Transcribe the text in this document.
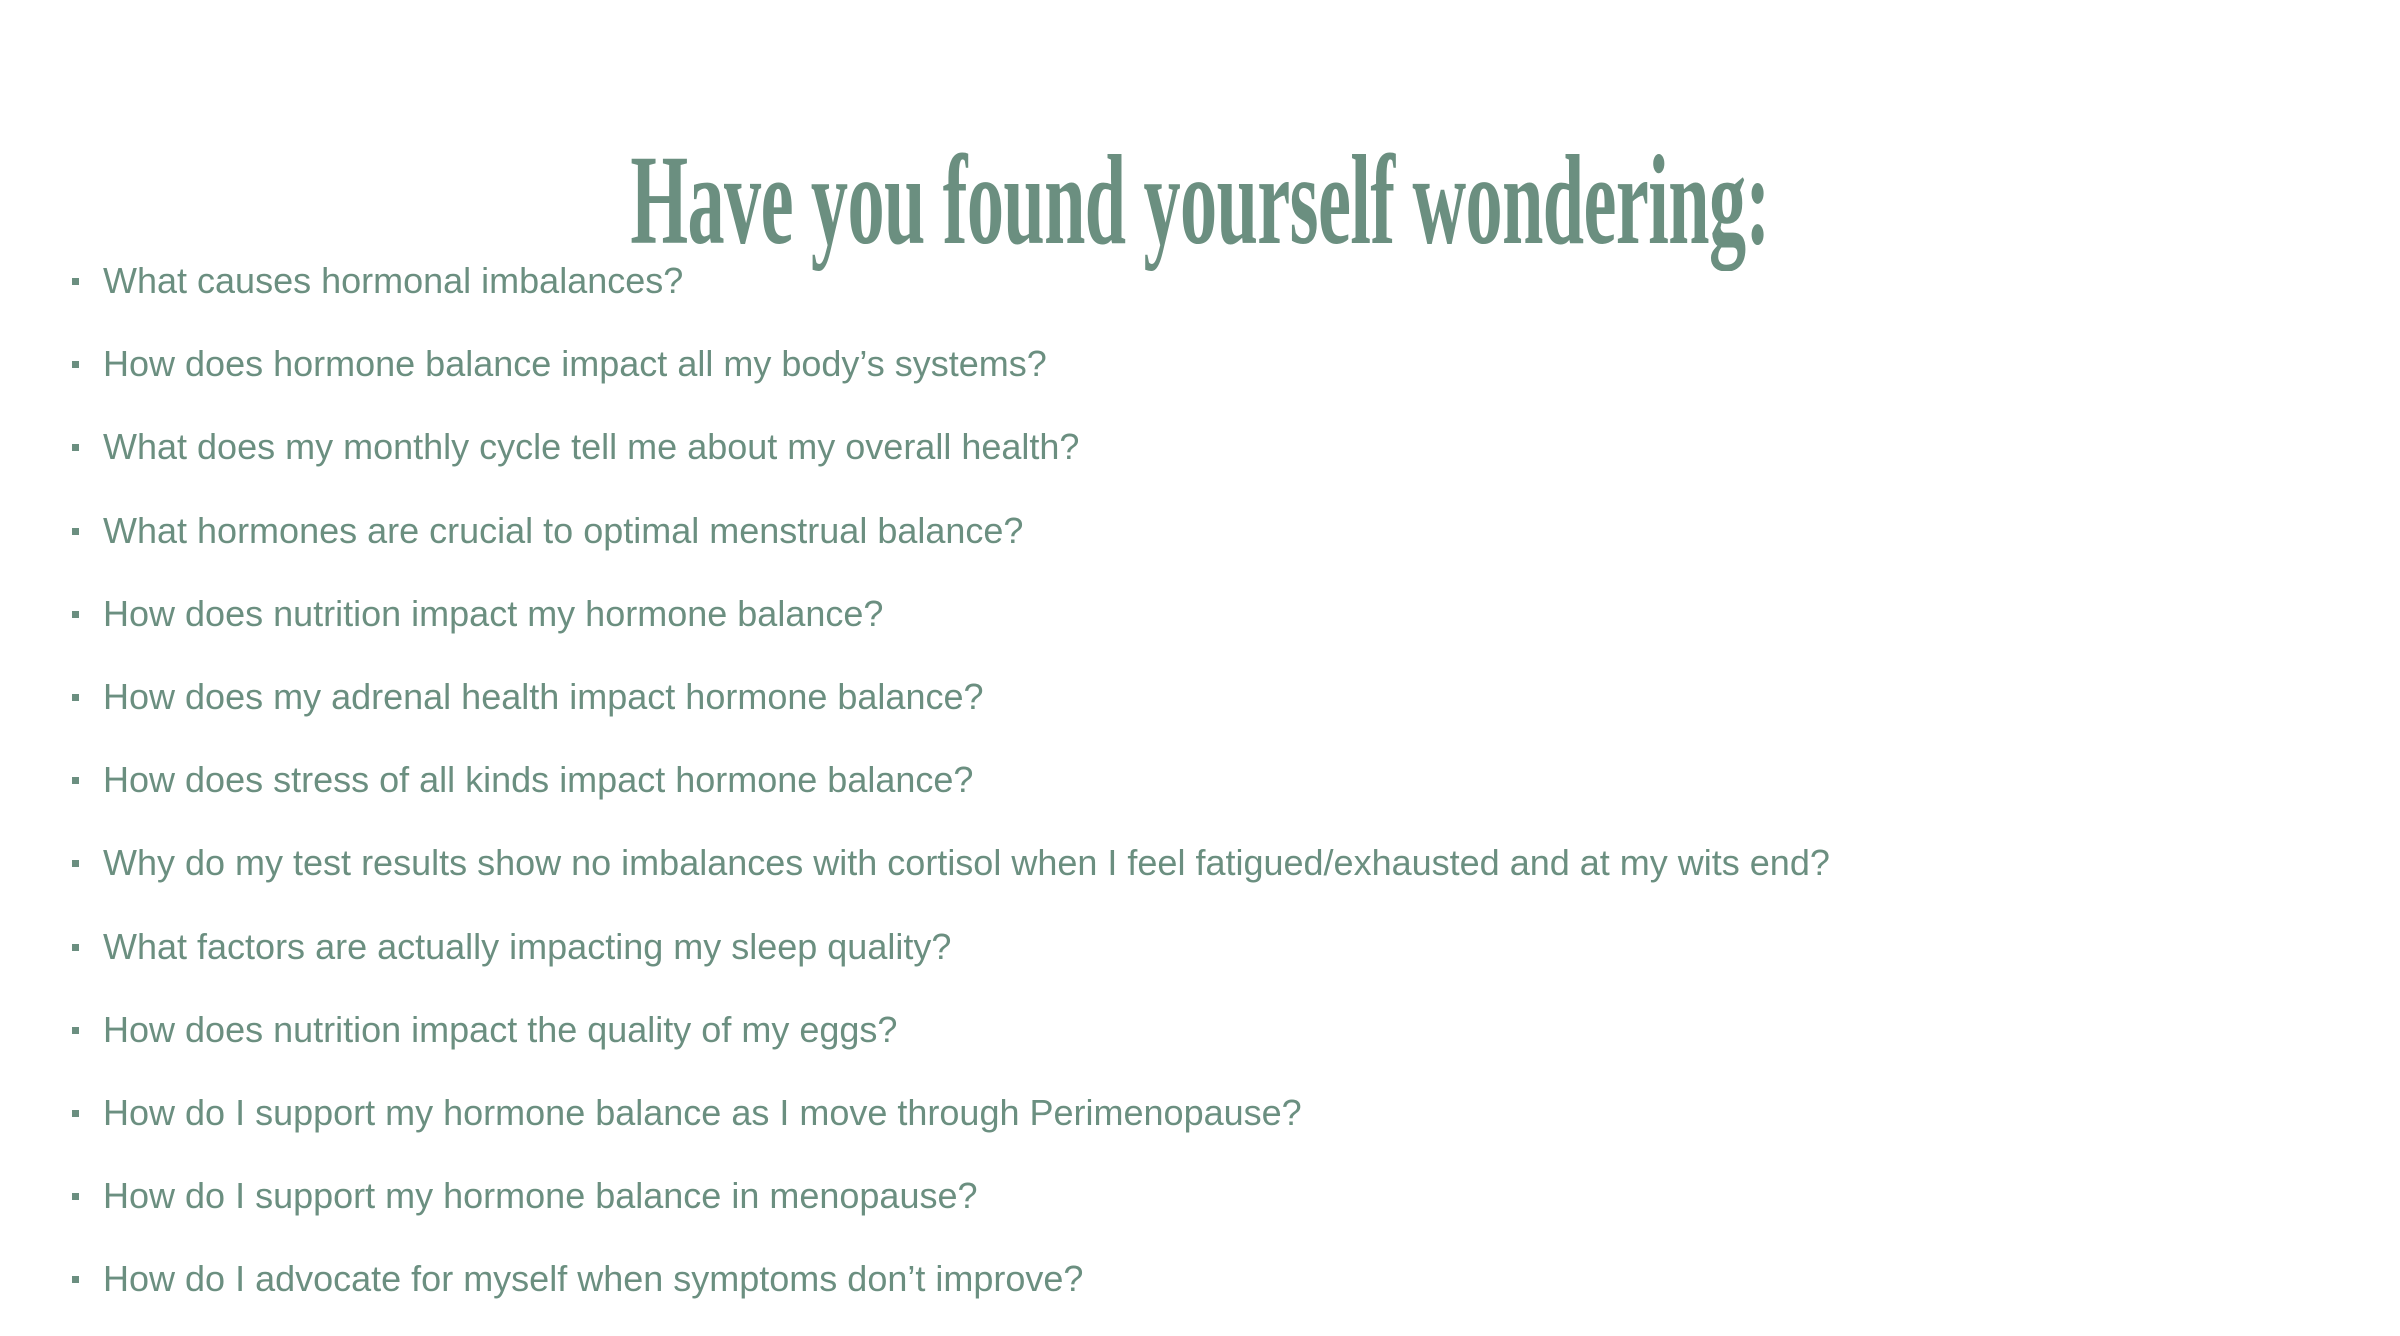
Have you found yourself wondering:
What causes hormonal imbalances?
How does hormone balance impact all my body’s systems?
What does my monthly cycle tell me about my overall health?
What hormones are crucial to optimal menstrual balance?
How does nutrition impact my hormone balance?
How does my adrenal health impact hormone balance?
How does stress of all kinds impact hormone balance?
Why do my test results show no imbalances with cortisol when I feel fatigued/exhausted and at my wits end?
What factors are actually impacting my sleep quality?
How does nutrition impact the quality of my eggs?
How do I support my hormone balance as I move through Perimenopause?
How do I support my hormone balance in menopause?
How do I advocate for myself when symptoms don’t improve?
